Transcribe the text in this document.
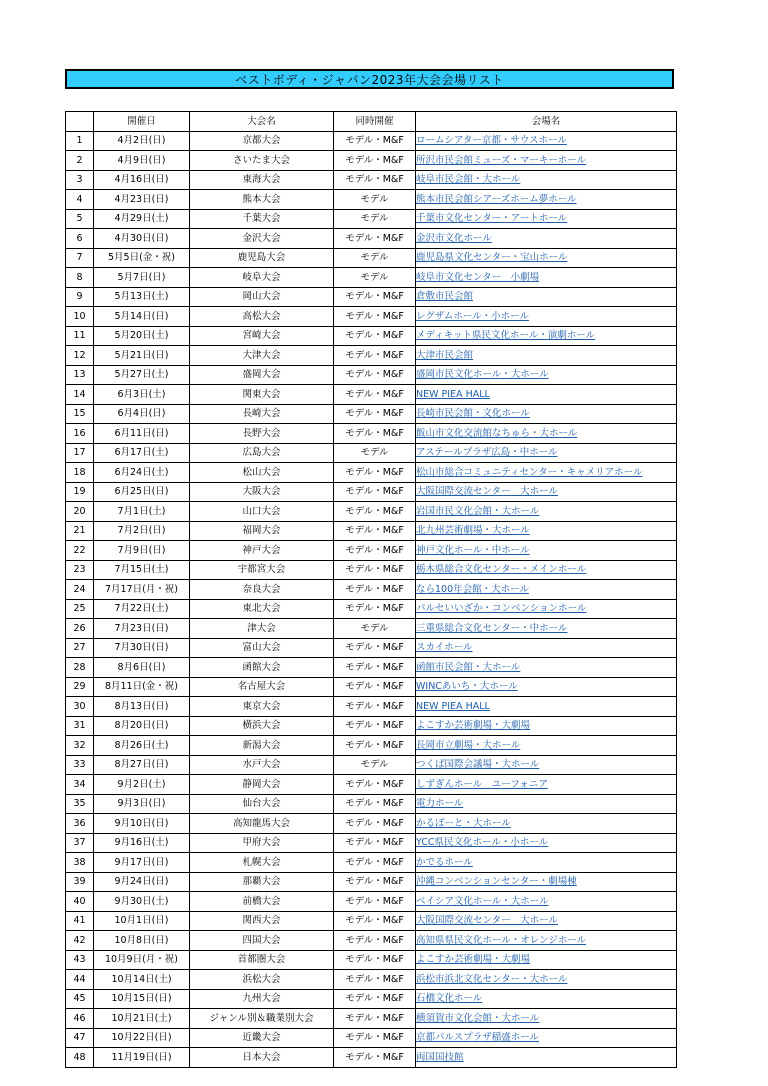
ベストボディ・ジャパン2023年大会会場リスト
	開催日	大会名	同時開催	会場名
1	4月2日(日)	京都大会	モデル・M&F	ロームシアター京都・サウスホール
2	4月9日(日)	さいたま大会	モデル・M&F	所沢市民会館ミューズ・マーキーホール
3	4月16日(日)	東海大会	モデル・M&F	岐阜市民会館・大ホール
4	4月23日(日)	熊本大会	モデル	熊本市民会館シアーズホーム夢ホール
5	4月29日(土)	千葉大会	モデル	千葉市文化センター・アートホール
6	4月30日(日)	金沢大会	モデル・M&F	金沢市文化ホール
7	5月5日(金・祝)	鹿児島大会	モデル	鹿児島県文化センター・宝山ホール
8	5月7日(日)	岐阜大会	モデル	岐阜市文化センター　小劇場
9	5月13日(土)	岡山大会	モデル・M&F	倉敷市民会館
10	5月14日(日)	高松大会	モデル・M&F	レグザムホール・小ホール
11	5月20日(土)	宮崎大会	モデル・M&F	メディキット県民文化ホール・演劇ホール
12	5月21日(日)	大津大会	モデル・M&F	大津市民会館
13	5月27日(土)	盛岡大会	モデル・M&F	盛岡市民文化ホール・大ホール
14	6月3日(土)	関東大会	モデル・M&F	NEW PIEA HALL
15	6月4日(日)	長崎大会	モデル・M&F	長崎市民会館・文化ホール
16	6月11日(日)	長野大会	モデル・M&F	飯山市文化交流館なちゅら・大ホール
17	6月17日(土)	広島大会	モデル	アステールプラザ広島・中ホール
18	6月24日(土)	松山大会	モデル・M&F	松山市総合コミュニティセンター・キャメリアホール
19	6月25日(日)	大阪大会	モデル・M&F	大阪国際交流センター　大ホール
20	7月1日(土)	山口大会	モデル・M&F	岩国市民文化会館・大ホール
21	7月2日(日)	福岡大会	モデル・M&F	北九州芸術劇場・大ホール
22	7月9日(日)	神戸大会	モデル・M&F	神戸文化ホール・中ホール
23	7月15日(土)	宇都宮大会	モデル・M&F	栃木県総合文化センター・メインホール
24	7月17日(月・祝)	奈良大会	モデル・M&F	なら100年会館・大ホール
25	7月22日(土)	東北大会	モデル・M&F	パルセいいざか・コンベンションホール
26	7月23日(日)	津大会	モデル	三重県総合文化センター・中ホール
27	7月30日(日)	富山大会	モデル・M&F	スカイホール
28	8月6日(日)	函館大会	モデル・M&F	函館市民会館・大ホール
29	8月11日(金・祝)	名古屋大会	モデル・M&F	WINCあいち・大ホール
30	8月13日(日)	東京大会	モデル・M&F	NEW PIEA HALL
31	8月20日(日)	横浜大会	モデル・M&F	よこすか芸術劇場・大劇場
32	8月26日(土)	新潟大会	モデル・M&F	長岡市立劇場・大ホール
33	8月27日(日)	水戸大会	モデル	つくば国際会議場・大ホール
34	9月2日(土)	静岡大会	モデル・M&F	しずぎんホール　ユーフォニア
35	9月3日(日)	仙台大会	モデル・M&F	電力ホール
36	9月10日(日)	高知龍馬大会	モデル・M&F	かるぽーと・大ホール
37	9月16日(土)	甲府大会	モデル・M&F	YCC県民文化ホール・小ホール
38	9月17日(日)	札幌大会	モデル・M&F	かでるホール
39	9月24日(日)	那覇大会	モデル・M&F	沖縄コンベンションセンター・劇場棟
40	9月30日(土)	前橋大会	モデル・M&F	ベイシア文化ホール・大ホール
41	10月1日(日)	関西大会	モデル・M&F	大阪国際交流センター　大ホール
42	10月8日(日)	四国大会	モデル・M&F	高知県県民文化ホール・オレンジホール
43	10月9日(月・祝)	首都圏大会	モデル・M&F	よこすか芸術劇場・大劇場
44	10月14日(土)	浜松大会	モデル・M&F	浜松市浜北文化センター・大ホール
45	10月15日(日)	九州大会	モデル・M&F	石橋文化ホール
46	10月21日(土)	ジャンル別＆職業別大会	モデル・M&F	横須賀市文化会館・大ホール
47	10月22日(日)	近畿大会	モデル・M&F	京都パルスプラザ稲盛ホール
48	11月19日(日)	日本大会	モデル・M&F	両国国技館
